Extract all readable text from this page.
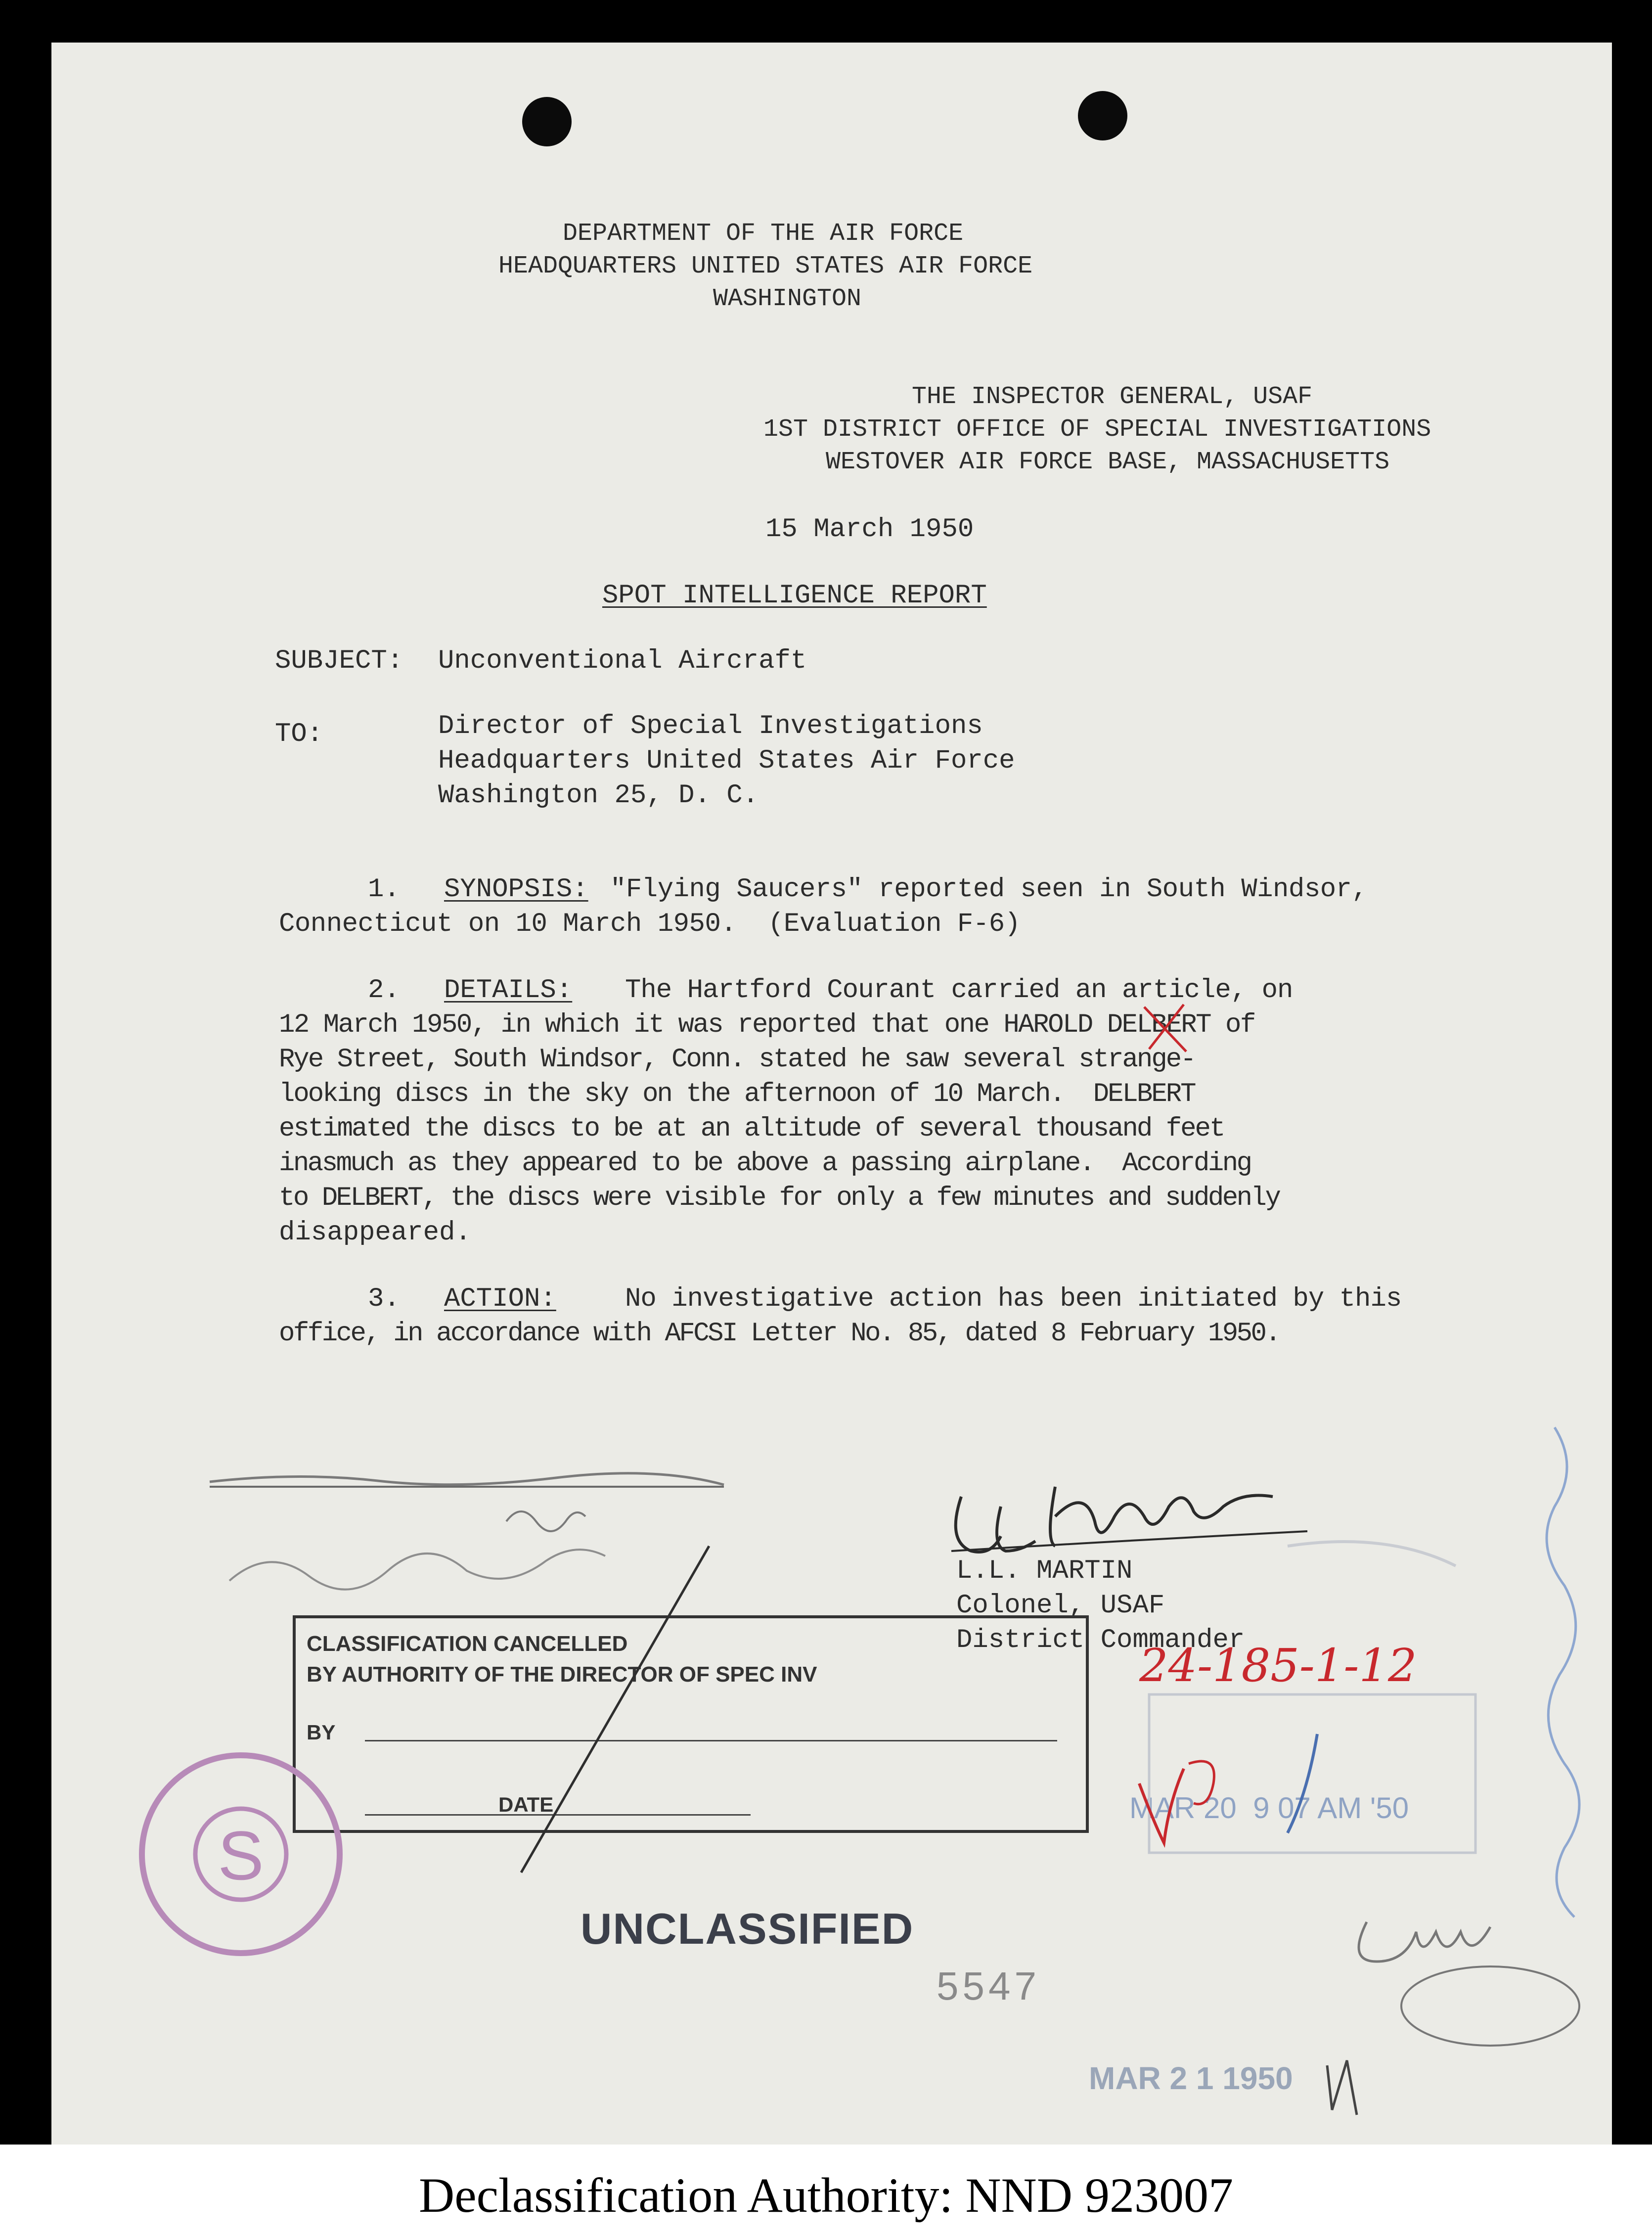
DEPARTMENT OF THE AIR FORCE
HEADQUARTERS UNITED STATES AIR FORCE
WASHINGTON
THE INSPECTOR GENERAL, USAF
1ST DISTRICT OFFICE OF SPECIAL INVESTIGATIONS
WESTOVER AIR FORCE BASE, MASSACHUSETTS
15 March 1950
SPOT INTELLIGENCE REPORT
SUBJECT: Unconventional Aircraft
TO:	Director of Special Investigations
Headquarters United States Air Force
Washington 25, D. C.
1. SYNOPSIS: "Flying Saucers" reported seen in South Windsor,
Connecticut on 10 March 1950.  (Evaluation F-6)
2. DETAILS: The Hartford Courant carried an article, on
12 March 1950, in which it was reported that one HAROLD DELBERT of
Rye Street, South Windsor, Conn. stated he saw several strange-
looking discs in the sky on the afternoon of 10 March.  DELBERT
estimated the discs to be at an altitude of several thousand feet
inasmuch as they appeared to be above a passing airplane.  According
to DELBERT, the discs were visible for only a few minutes and suddenly
disappeared.
3. ACTION:	No investigative action has been initiated by this
office, in accordance with AFCSI Letter No. 85, dated 8 February 1950.
L.L. MARTIN
Colonel, USAF
District Commander
CLASSIFICATION CANCELLED
BY AUTHORITY OF THE DIRECTOR OF SPEC INV
BY
DATE
S
UNCLASSIFIED
5547
MAR 2 1 1950
24-185-1-12
MAR 20  9 07 AM '50
Declassification Authority: NND 923007
